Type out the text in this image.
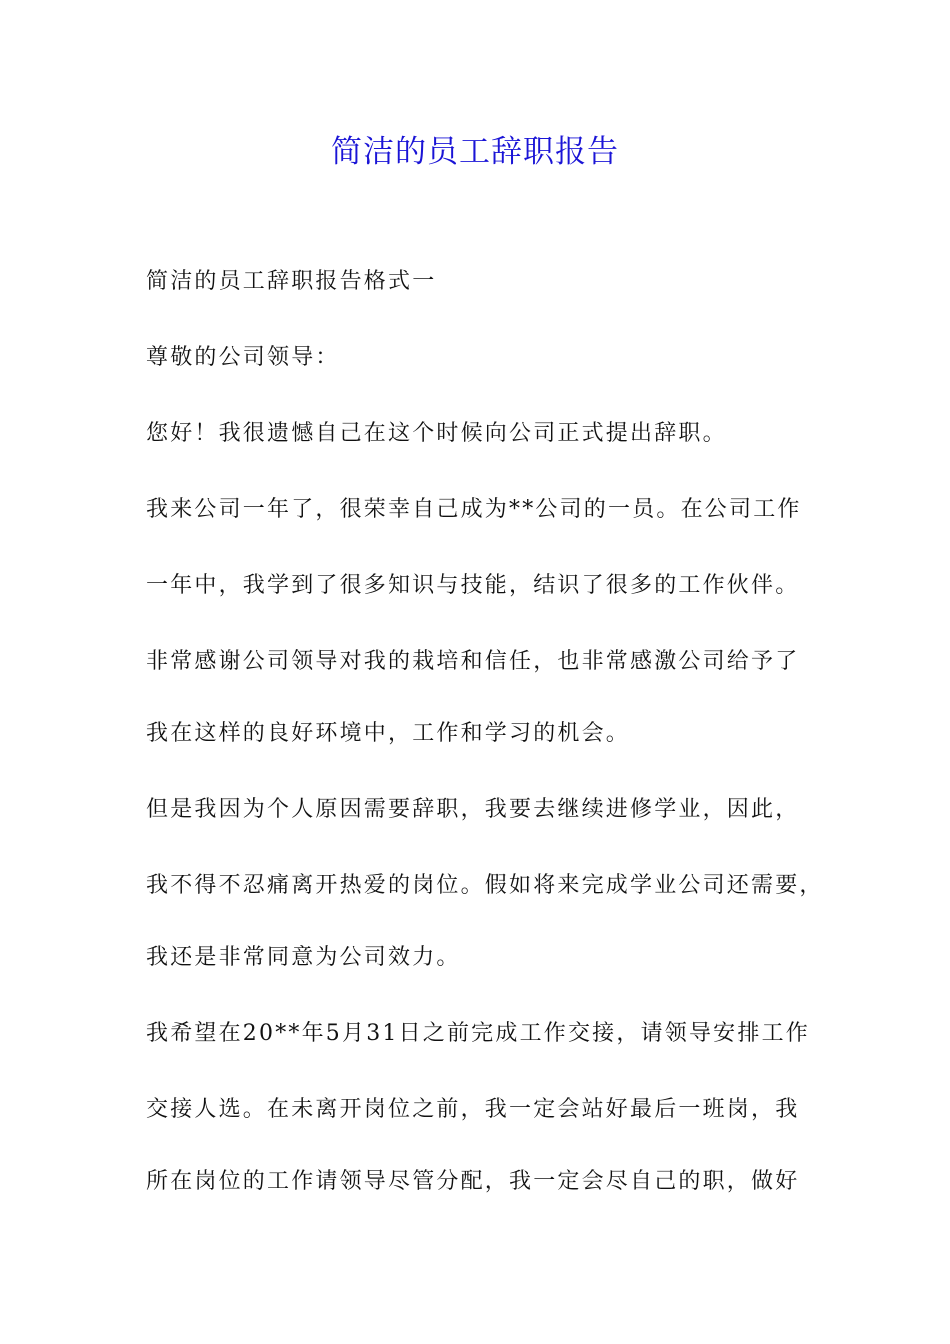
简洁的员工辞职报告
简洁的员工辞职报告格式一
尊敬的公司领导：
您好！我很遗憾自己在这个时候向公司正式提出辞职。
我来公司一年了，很荣幸自己成为**公司的一员。在公司工作
一年中，我学到了很多知识与技能，结识了很多的工作伙伴。
非常感谢公司领导对我的栽培和信任，也非常感激公司给予了
我在这样的良好环境中，工作和学习的机会。
但是我因为个人原因需要辞职，我要去继续进修学业，因此，
我不得不忍痛离开热爱的岗位。假如将来完成学业公司还需要，
我还是非常同意为公司效力。
我希望在20**年5月31日之前完成工作交接，请领导安排工作
交接人选。在未离开岗位之前，我一定会站好最后一班岗，我
所在岗位的工作请领导尽管分配，我一定会尽自己的职，做好
